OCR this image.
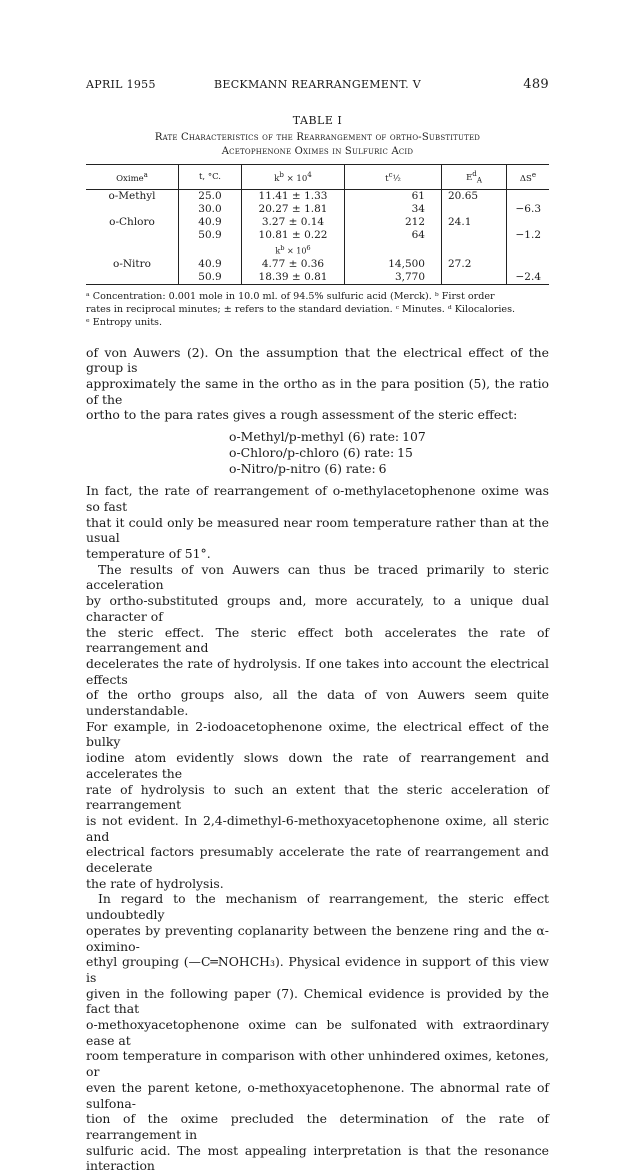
APRIL 1955	BECKMANN REARRANGEMENT. V	489
TABLE I
Rate Characteristics of the Rearrangement of ortho-Substituted
Acetophenone Oximes in Sulfuric Acid
Oxime$^a$	t, °C.	$k^b \times 10^4$	$t^c\frac{1}{2}$	$E^d_A$	$\Delta S^e$
o-Methyl	25.0	11.41 ± 1.33	61	20.65	
	30.0	20.27 ± 1.81	34		−6.3
o-Chloro	40.9	3.27 ± 0.14	212	24.1	
	50.9	10.81 ± 0.22	64		−1.2
		$k^b \times 10^6$			
o-Nitro	40.9	4.77 ± 0.36	14,500	27.2	
	50.9	18.39 ± 0.81	3,770		−2.4

ᵃ Concentration: 0.001 mole in 10.0 ml. of 94.5% sulfuric acid (Merck). ᵇ First order

rates in reciprocal minutes; ± refers to the standard deviation. ᶜ Minutes. ᵈ Kilocalories.

ᵉ Entropy units.

of von Auwers (2). On the assumption that the electrical effect of the group is

approximately the same in the ortho as in the para position (5), the ratio of the

ortho to the para rates gives a rough assessment of the steric effect:

o-Methyl/p-methyl (6) rate: 107
o-Chloro/p-chloro (6) rate: 15
o-Nitro/p-nitro (6) rate: 6

In fact, the rate of rearrangement of o-methylacetophenone oxime was so fast

that it could only be measured near room temperature rather than at the usual

temperature of 51°.

The results of von Auwers can thus be traced primarily to steric acceleration

by ortho-substituted groups and, more accurately, to a unique dual character of

the steric effect. The steric effect both accelerates the rate of rearrangement and

decelerates the rate of hydrolysis. If one takes into account the electrical effects

of the ortho groups also, all the data of von Auwers seem quite understandable.

For example, in 2-iodoacetophenone oxime, the electrical effect of the bulky

iodine atom evidently slows down the rate of rearrangement and accelerates the

rate of hydrolysis to such an extent that the steric acceleration of rearrangement

is not evident. In 2,4-dimethyl-6-methoxyacetophenone oxime, all steric and

electrical factors presumably accelerate the rate of rearrangement and decelerate

the rate of hydrolysis.

In regard to the mechanism of rearrangement, the steric effect undoubtedly

operates by preventing coplanarity between the benzene ring and the α-oximino-

ethyl grouping (—C═NOHCH₃). Physical evidence in support of this view is

given in the following paper (7). Chemical evidence is provided by the fact that

o-methoxyacetophenone oxime can be sulfonated with extraordinary ease at

room temperature in comparison with other unhindered oximes, ketones, or

even the parent ketone, o-methoxyacetophenone. The abnormal rate of sulfona-

tion of the oxime precluded the determination of the rate of rearrangement in

sulfuric acid. The most appealing interpretation is that the resonance interaction
